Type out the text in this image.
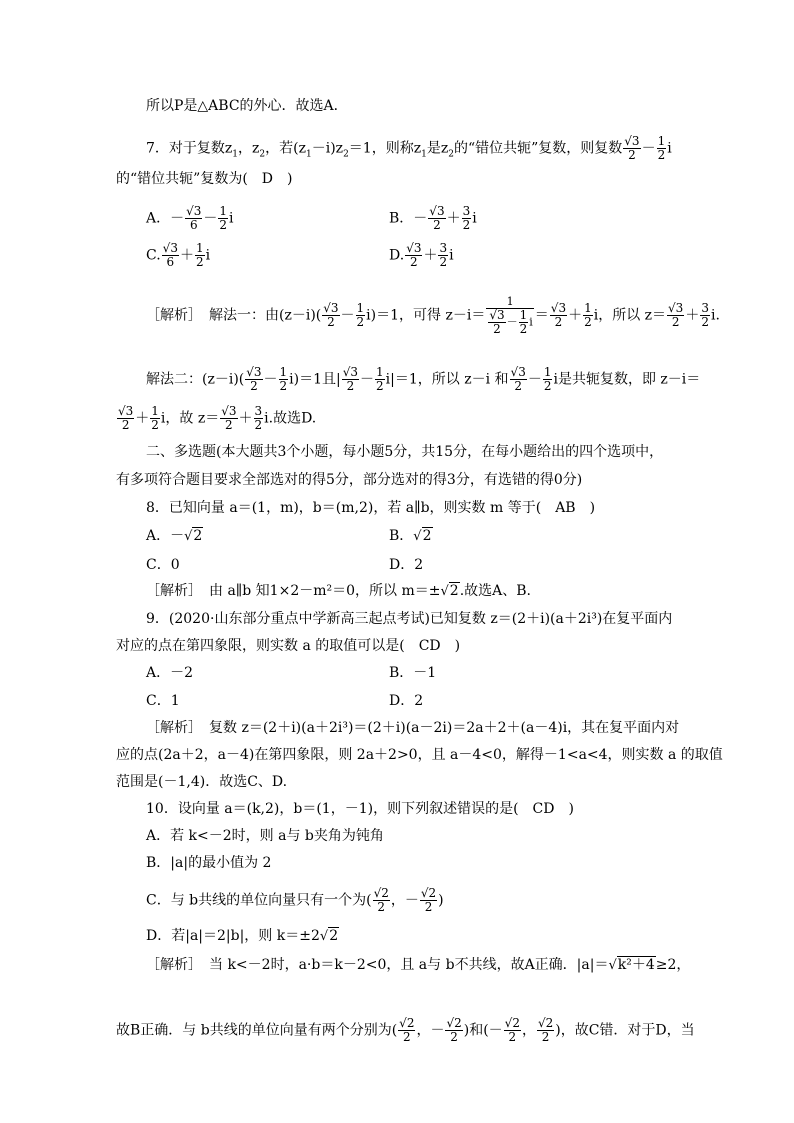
所以P是△ABC的外心．故选A．
7．对于复数$z_1$，$z_2$，若$(z_1-i)z_2=1$，则称$z_1$是$z_2$的“错位共轭”复数，则复数 $\frac{√3}{2} - \frac{1}{2}$ i
的“错位共轭”复数为(　D　)
A．－ $\frac{√3}{6} - \frac{1}{2}$ i	B．－ $\frac{√3}{2} + \frac{3}{2}$ i
C. $\frac{√3}{6} + \frac{1}{2}$ i	D. $\frac{√3}{2} + \frac{3}{2}$ i
［解析］　解法一：由$(z-i)( \frac{√3}{2} - \frac{1}{2} i)=1$，可得 $z-i= \frac{1}{\frac{√3}{2} - \frac{1}{2} i} = \frac{√3}{2} + \frac{1}{2}$ i，所以 $z= \frac{√3}{2} + \frac{3}{2} i$.
解法二：$(z-i)( \frac{√3}{2} - \frac{1}{2} i)=1$且| $\frac{√3}{2} - \frac{1}{2} i|=1$，所以 z－i 和 $\frac{√3}{2} - \frac{1}{2}$ i是共轭复数，即 z－i＝
$\frac{√3}{2} + \frac{1}{2}$ i，故 $z= \frac{√3}{2} + \frac{3}{2} i$.故选D.
二、多选题(本大题共3个小题，每小题5分，共15分，在每小题给出的四个选项中，
有多项符合题目要求全部选对的得5分，部分选对的得3分，有选错的得0分)
8．已知向量 a＝(1，m)，b＝(m,2)，若 a∥b，则实数 m 等于(　AB　)
A．－√2	B．√2
C．0	D．2
［解析］　由 a∥b 知1×2－m²＝0，所以 m＝±√2.故选A、B.
9．(2020·山东部分重点中学新高三起点考试)已知复数 z＝(2＋i)(a＋2i³)在复平面内
对应的点在第四象限，则实数 a 的取值可以是(　CD　)
A．－2	B．－1
C．1	D．2
［解析］　复数 z＝(2＋i)(a＋2i³)＝(2＋i)(a－2i)＝2a＋2＋(a－4)i，其在复平面内对
应的点(2a＋2，a－4)在第四象限，则 2a＋2>0，且 a－4<0，解得－1<a<4，则实数 a 的取值
范围是(－1,4)．故选C、D.
10．设向量 a＝(k,2)，b＝(1，－1)，则下列叙述错误的是(　CD　)
A．若 k<－2时，则 a与 b夹角为钝角
B．|a|的最小值为 2
C．与 b共线的单位向量只有一个为( $\frac{√2}{2}$ ，－ $\frac{√2}{2}$ )
D．若|a|＝2|b|，则 k＝±2√2
［解析］　当 k<－2时，a·b＝k－2<0，且 a与 b不共线，故A正确．|a|＝√k²＋4≥2，
故B正确．与 b共线的单位向量有两个分别为( $\frac{√2}{2}$ ，－ $\frac{√2}{2}$ )和(－ $\frac{√2}{2}$ ， $\frac{√2}{2}$ )，故C错．对于D，当
